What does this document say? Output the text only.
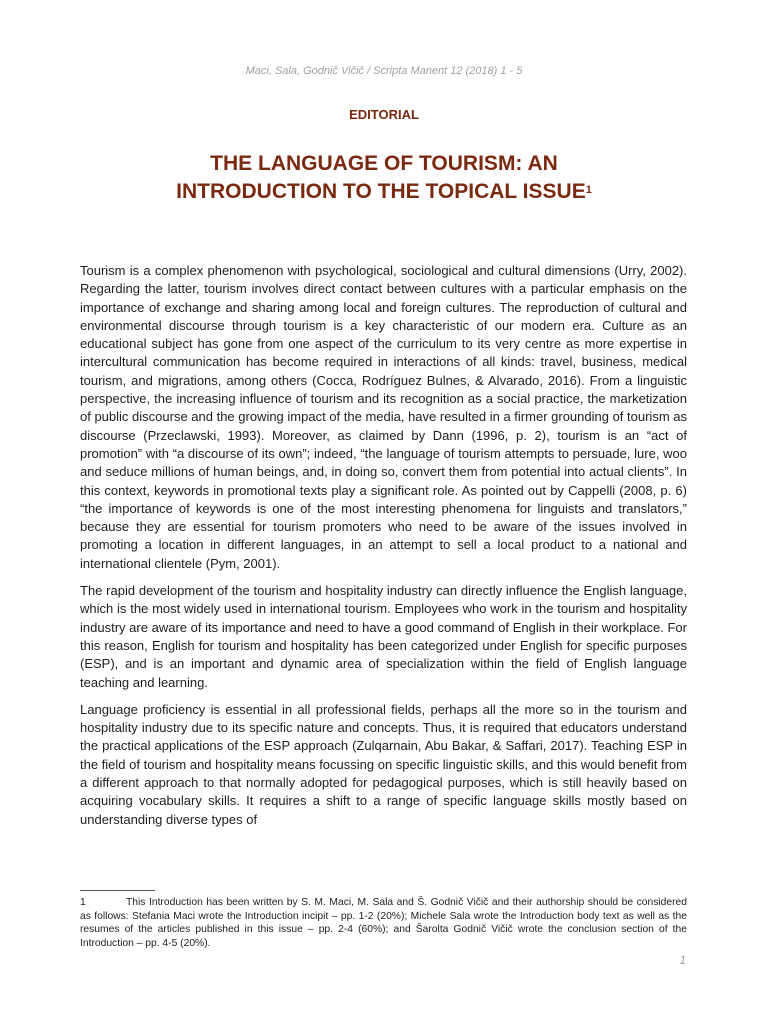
Maci, Sala, Godnič Vičič / Scripta Manent 12 (2018) 1 - 5
EDITORIAL
THE LANGUAGE OF TOURISM: AN
INTRODUCTION TO THE TOPICAL ISSUE$^1$

Tourism is a complex phenomenon with psychological, sociological and cultural dimensions (Urry, 2002). Regarding the latter, tourism involves direct contact between cultures with a particular emphasis on the importance of exchange and sharing among local and foreign cultures. The reproduction of cultural and environmental discourse through tourism is a key characteristic of our modern era. Culture as an educational subject has gone from one aspect of the curriculum to its very centre as more expertise in intercultural communication has become required in interactions of all kinds: travel, business, medical tourism, and migrations, among others (Cocca, Rodríguez Bulnes, & Alvarado, 2016). From a linguistic perspective, the increasing influence of tourism and its recognition as a social practice, the marketization of public discourse and the growing impact of the media, have resulted in a firmer grounding of tourism as discourse (Przeclawski, 1993). Moreover, as claimed by Dann (1996, p. 2), tourism is an “act of promotion” with “a discourse of its own”; indeed, “the language of tourism attempts to persuade, lure, woo and seduce millions of human beings, and, in doing so, convert them from potential into actual clients”. In this context, keywords in promotional texts play a significant role. As pointed out by Cappelli (2008, p. 6) “the importance of keywords is one of the most interesting phenomena for linguists and translators,” because they are essential for tourism promoters who need to be aware of the issues involved in promoting a location in different languages, in an attempt to sell a local product to a national and international clientele (Pym, 2001).

The rapid development of the tourism and hospitality industry can directly influence the English language, which is the most widely used in international tourism. Employees who work in the tourism and hospitality industry are aware of its importance and need to have a good command of English in their workplace. For this reason, English for tourism and hospitality has been categorized under English for specific purposes (ESP), and is an important and dynamic area of specialization within the field of English language teaching and learning.

Language proficiency is essential in all professional fields, perhaps all the more so in the tourism and hospitality industry due to its specific nature and concepts. Thus, it is required that educators understand the practical applications of the ESP approach (Zulqarnain, Abu Bakar, & Saffari, 2017). Teaching ESP in the field of tourism and hospitality means focussing on specific linguistic skills, and this would benefit from a different approach to that normally adopted for pedagogical purposes, which is still heavily based on acquiring vocabulary skills. It requires a shift to a range of specific language skills mostly based on understanding diverse types of

1	This Introduction has been written by S. M. Maci, M. Sala and Š. Godnič Vičič and their authorship should be considered as follows: Stefania Maci wrote the Introduction incipit – pp. 1-2 (20%); Michele Sala wrote the Introduction body text as well as the resumes of the articles published in this issue – pp. 2-4 (60%); and Šarolta Godnič Vičič wrote the conclusion section of the Introduction – pp. 4-5 (20%).
1
